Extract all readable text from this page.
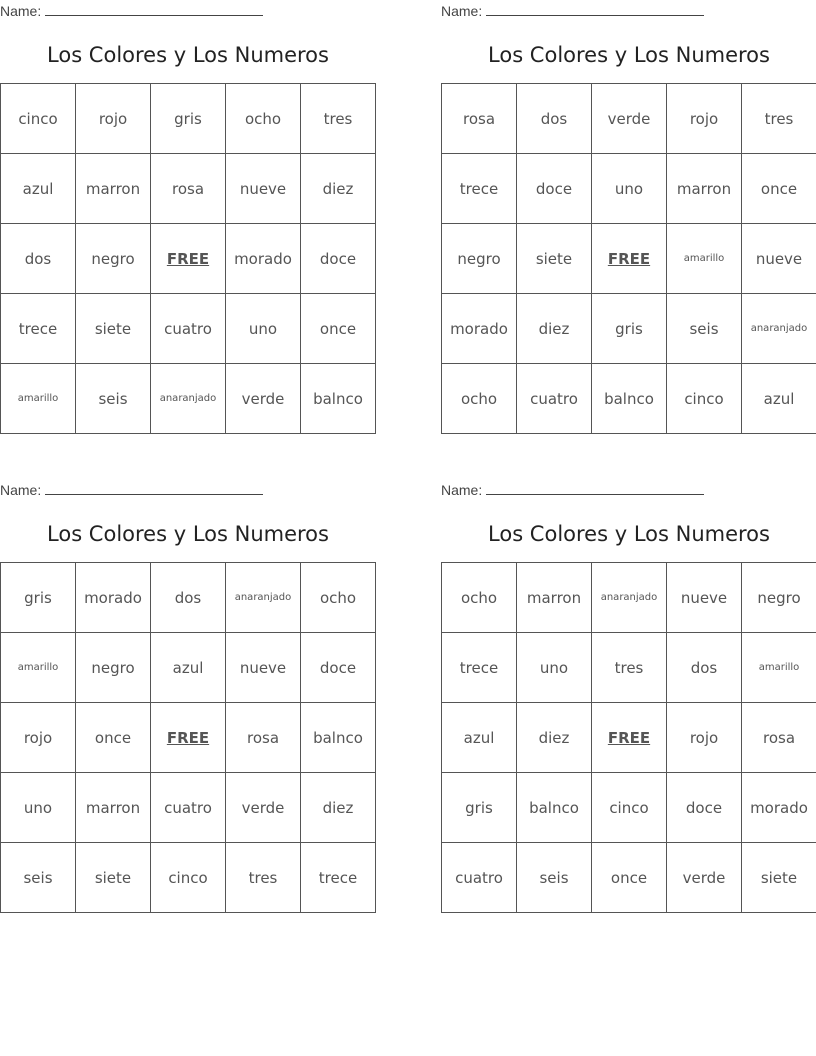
Name:
Los Colores y Los Numeros
cinco	rojo	gris	ocho	tres
azul	marron	rosa	nueve	diez
dos	negro	FREE	morado	doce
trece	siete	cuatro	uno	once
amarillo	seis	anaranjado	verde	balnco
Name:
Los Colores y Los Numeros
rosa	dos	verde	rojo	tres
trece	doce	uno	marron	once
negro	siete	FREE	amarillo	nueve
morado	diez	gris	seis	anaranjado
ocho	cuatro	balnco	cinco	azul
Name:
Los Colores y Los Numeros
gris	morado	dos	anaranjado	ocho
amarillo	negro	azul	nueve	doce
rojo	once	FREE	rosa	balnco
uno	marron	cuatro	verde	diez
seis	siete	cinco	tres	trece
Name:
Los Colores y Los Numeros
ocho	marron	anaranjado	nueve	negro
trece	uno	tres	dos	amarillo
azul	diez	FREE	rojo	rosa
gris	balnco	cinco	doce	morado
cuatro	seis	once	verde	siete
